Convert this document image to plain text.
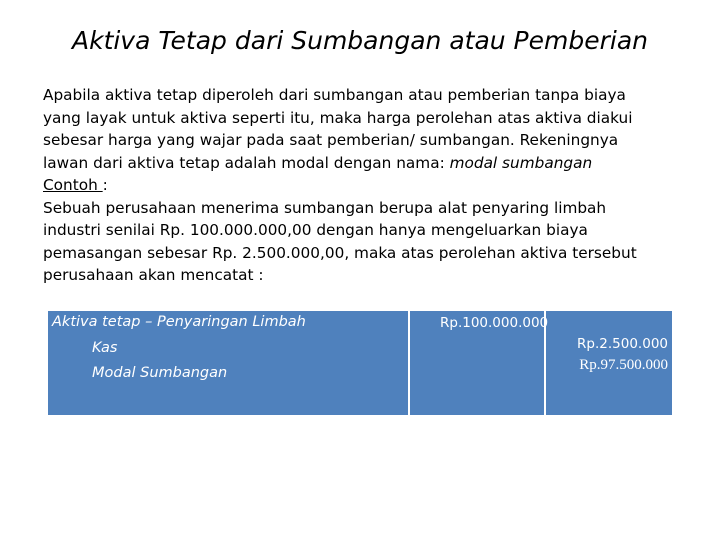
Aktiva Tetap dari Sumbangan atau Pemberian

Apabila aktiva tetap diperoleh dari sumbangan atau pemberian tanpa biaya
yang layak untuk aktiva seperti itu, maka harga perolehan atas aktiva diakui
sebesar harga yang wajar pada saat pemberian/ sumbangan. Rekeningnya
lawan dari aktiva tetap adalah modal dengan nama: modal sumbangan

Contoh :

Sebuah perusahaan menerima sumbangan berupa alat penyaring limbah
industri senilai Rp. 100.000.000,00 dengan hanya mengeluarkan biaya
pemasangan sebesar Rp. 2.500.000,00, maka atas perolehan aktiva tersebut
perusahaan akan mencatat :

Aktiva tetap – Penyaringan Limbah
Kas
Modal Sumbangan
Rp.100.000.000
Rp.2.500.000
Rp.97.500.000
